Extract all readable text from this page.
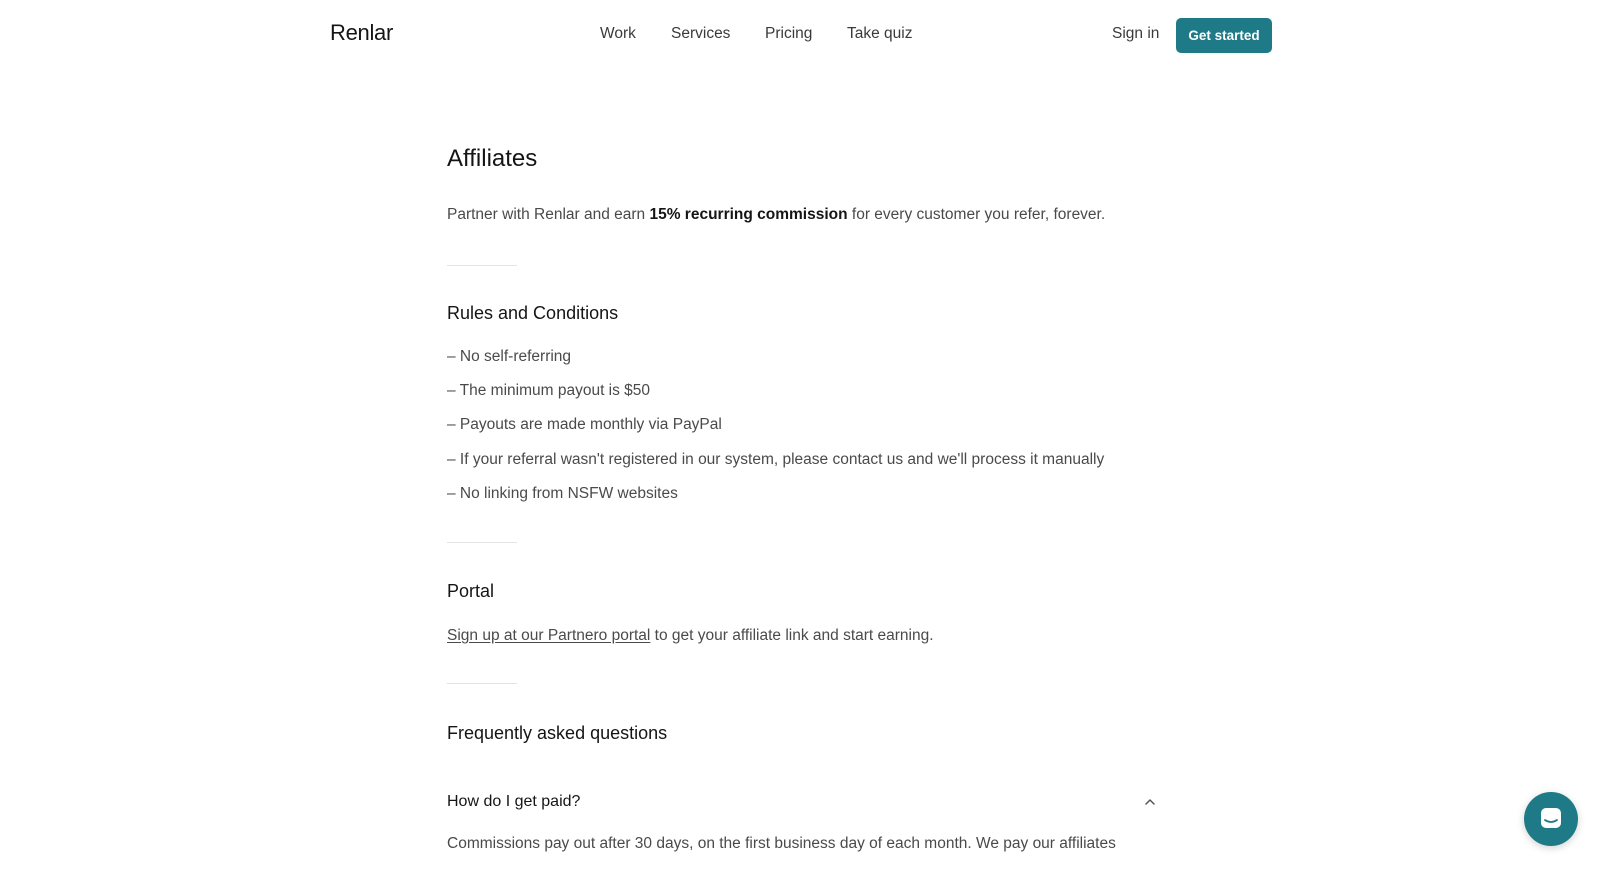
Renlar	Work Services Pricing Take quiz	Sign in	Get started
Affiliates

Partner with Renlar and earn 15% recurring commission for every customer you refer, forever.

Rules and Conditions

– No self-referring

– The minimum payout is $50

– Payouts are made monthly via PayPal

– If your referral wasn't registered in our system, please contact us and we'll process it manually

– No linking from NSFW websites

Portal

Sign up at our Partnero portal to get your affiliate link and start earning.

Frequently asked questions
How do I get paid?

Commissions pay out after 30 days, on the first business day of each month. We pay our affiliates
